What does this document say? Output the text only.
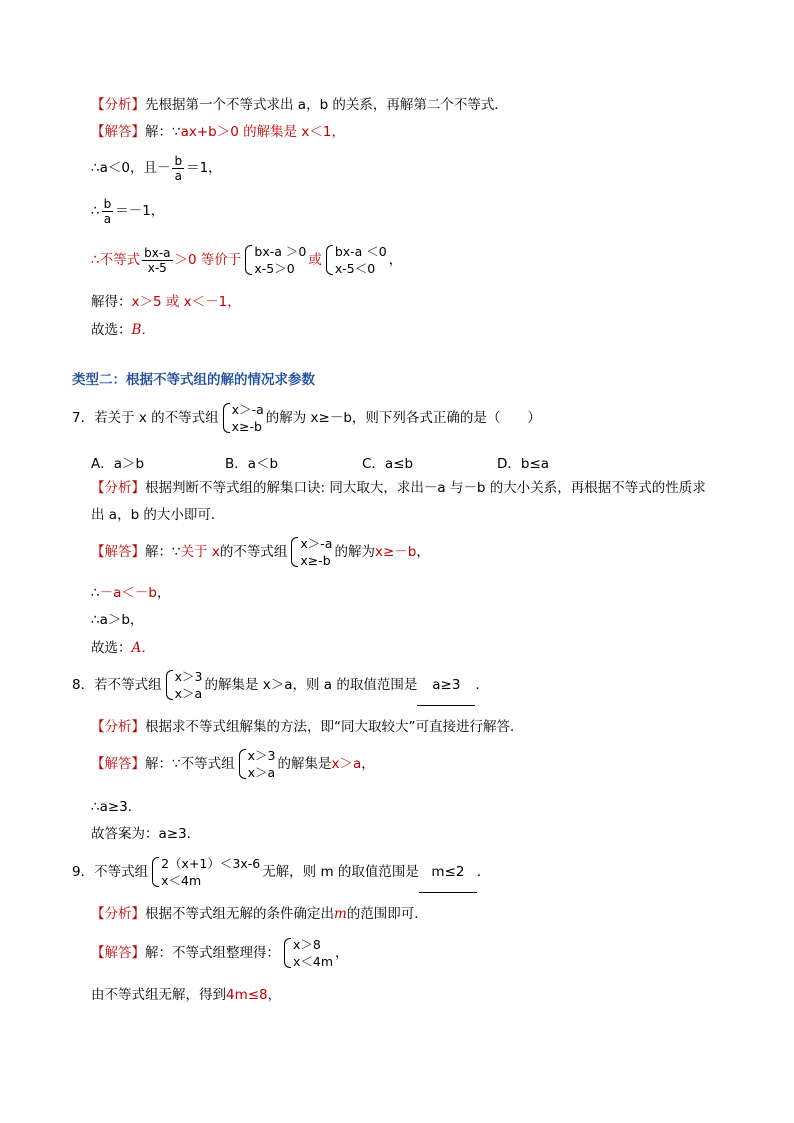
【分析】先根据第一个不等式求出 a，b 的关系，再解第二个不等式．
【解答】解：∵ax+b＞0 的解集是 x＜1，
∴a＜0，且－ $\frac{b}{a} =1$，
∴ $\frac{b}{a} =-1$，
∴不等式 $\frac{bx-a}{x-5} >0$ 等价于
bx-a ＞0
x-5＞0
或
bx-a ＜0
x-5＜0
，
解得：x＞5 或 x＜－1，
故选：B．
类型二：根据不等式组的解的情况求参数
7．若关于 x 的不等式组
x＞-a
x≥-b
的解为 x≥－b，则下列各式正确的是（　　）
A．a＞b	B．a＜b	C．a≤b	D．b≤a
【分析】根据判断不等式组的解集口诀: 同大取大，求出－a 与－b 的大小关系，再根据不等式的性质求
出 a，b 的大小即可．
【解答】解：∵关于 x的不等式组
x＞-a
x≥-b
的解为x≥－b，
∴－a＜－b，
∴a＞b，
故选：A．
8．若不等式组
x＞3
x＞a
的解集是 x＞a，则 a 的取值范围是 a≥3 ．
【分析】根据求不等式组解集的方法，即“同大取较大”可直接进行解答．
【解答】解：∵不等式组
x＞3
x＞a
的解集是x＞a，
∴a≥3．
故答案为：a≥3．
9．不等式组
2（x+1）＜3x-6
x＜4m
无解，则 m 的取值范围是 m≤2 ．
【分析】根据不等式组无解的条件确定出m的范围即可．
【解答】解：不等式组整理得：
x＞8
x＜4m
，
由不等式组无解，得到4m≤8，
